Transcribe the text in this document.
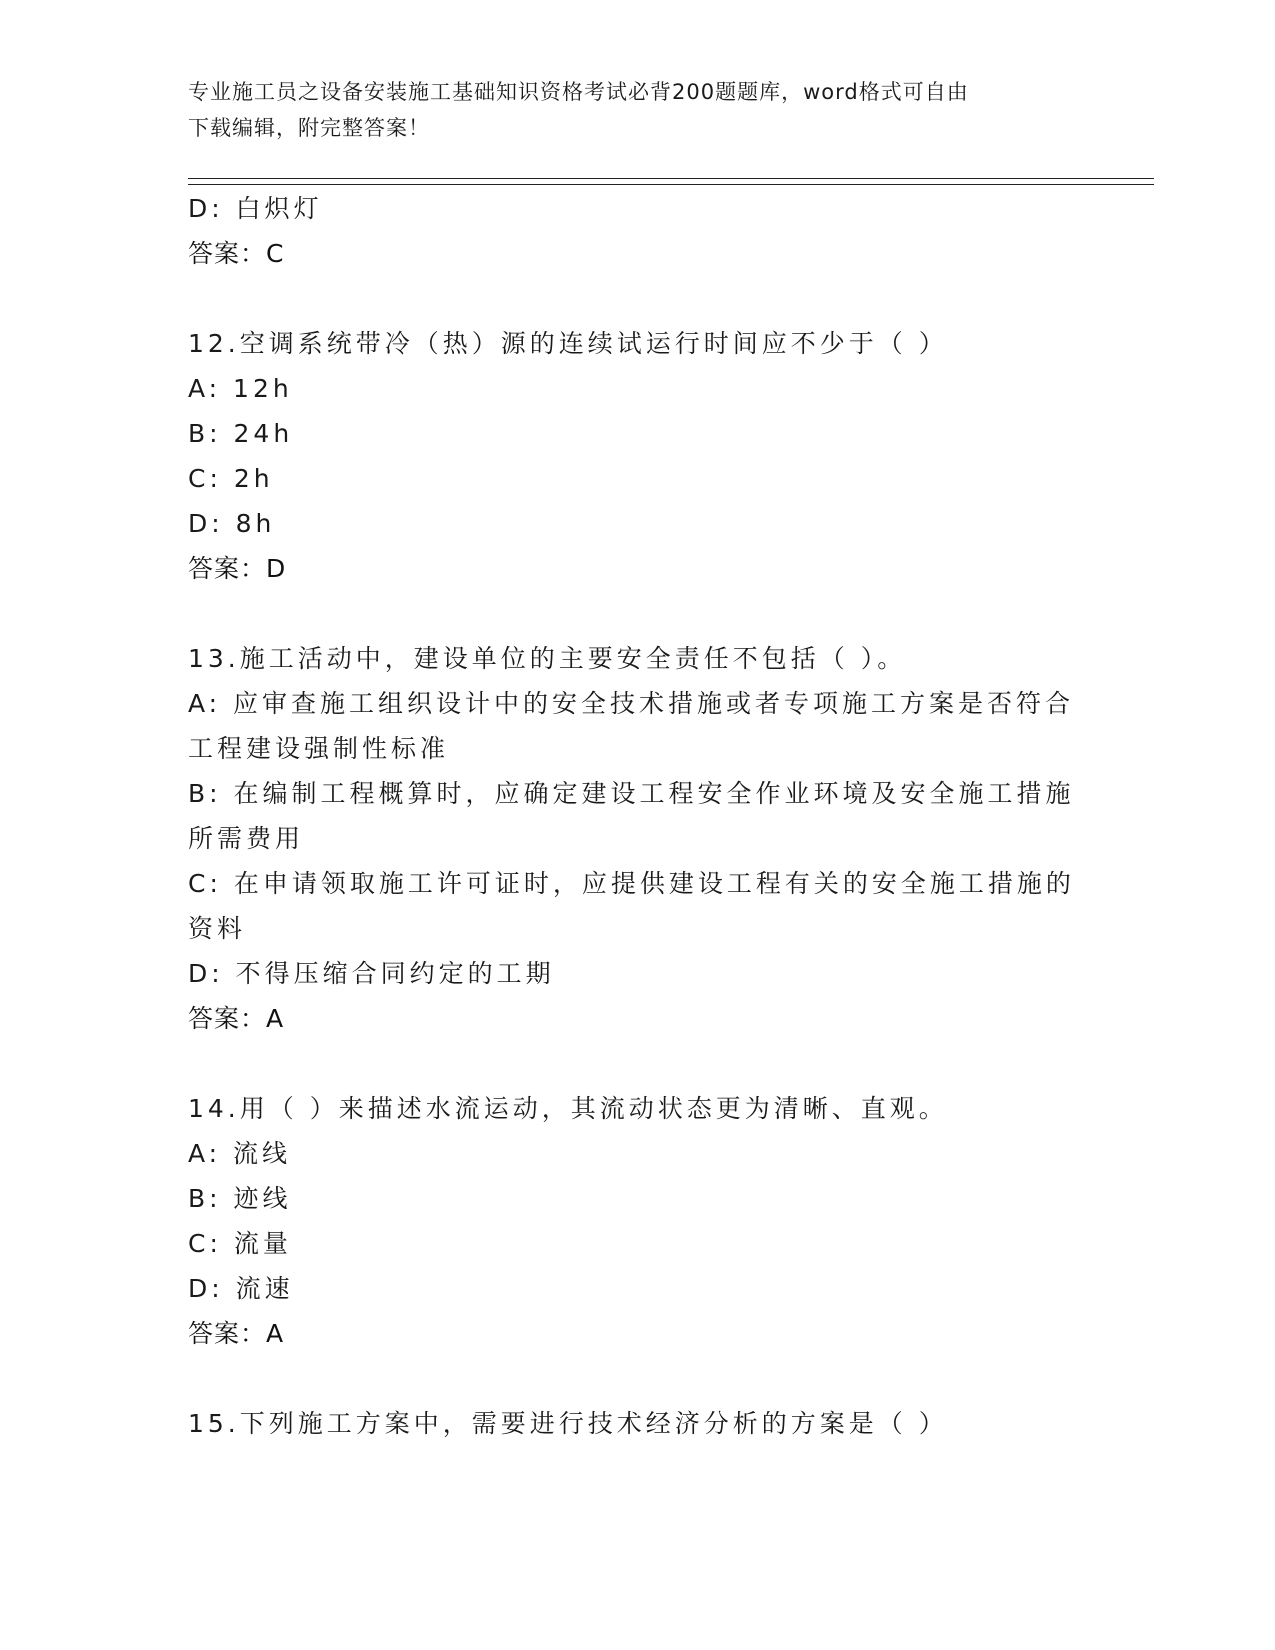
专业施工员之设备安装施工基础知识资格考试必背200题题库，word格式可自由
下载编辑，附完整答案！
D: 白炽灯
答案：C
12.空调系统带冷（热）源的连续试运行时间应不少于（ ）
A: 12h
B: 24h
C: 2h
D: 8h
答案：D
13.施工活动中，建设单位的主要安全责任不包括（ ）。
A: 应审查施工组织设计中的安全技术措施或者专项施工方案是否符合
工程建设强制性标准
B: 在编制工程概算时，应确定建设工程安全作业环境及安全施工措施
所需费用
C: 在申请领取施工许可证时，应提供建设工程有关的安全施工措施的
资料
D: 不得压缩合同约定的工期
答案：A
14.用（ ）来描述水流运动，其流动状态更为清晰、直观。
A: 流线
B: 迹线
C: 流量
D: 流速
答案：A
15.下列施工方案中，需要进行技术经济分析的方案是（ ）
